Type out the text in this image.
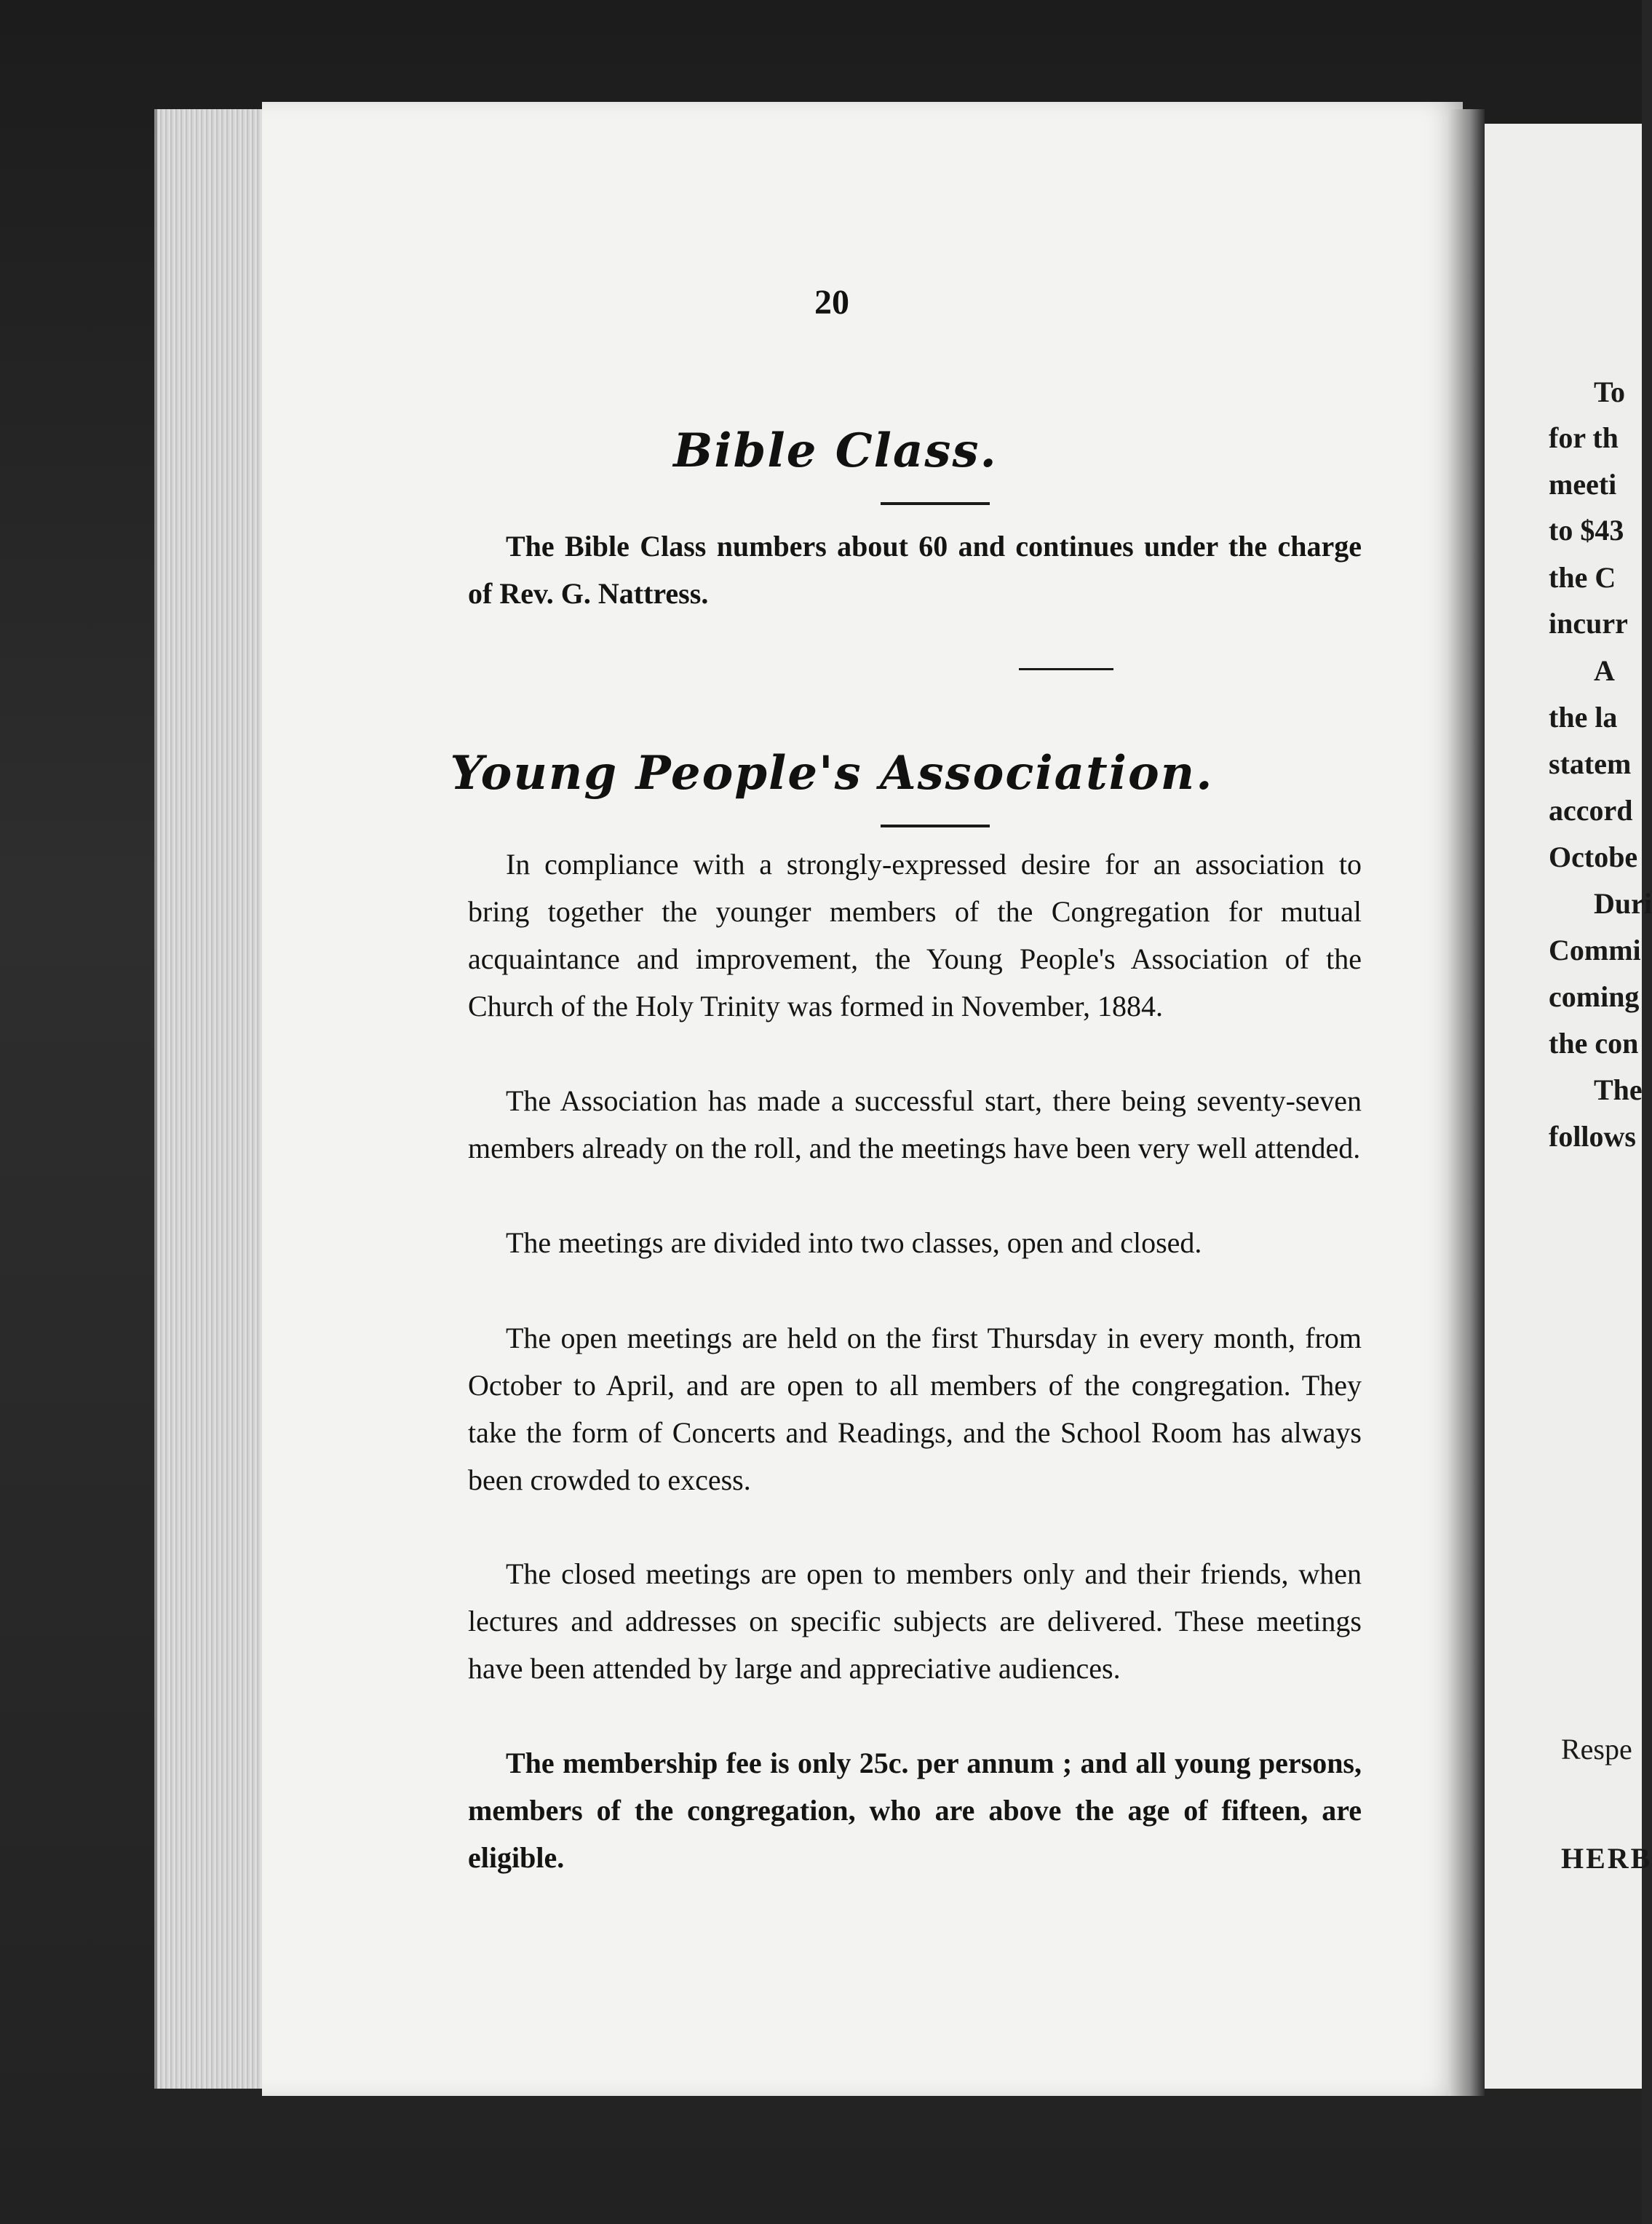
To
for th
meeti
to $43
the C
incurr
A
the la
statem
accord
Octobe
Duri
Commi
coming
the con
The
follows
Respe
HERB
20
Bible Class.
The Bible Class numbers about 60 and continues under the charge of Rev. G. Nattress.
Young People's Association.
In compliance with a strongly-expressed desire for an association to bring together the younger members of the Congregation for mutual acquaintance and improvement, the Young People's Association of the Church of the Holy Trinity was formed in November, 1884.
The Association has made a successful start, there being seventy-seven members already on the roll, and the meetings have been very well attended.
The meetings are divided into two classes, open and closed.
The open meetings are held on the first Thursday in every month, from October to April, and are open to all members of the congregation. They take the form of Concerts and Readings, and the School Room has always been crowded to excess.
The closed meetings are open to members only and their friends, when lectures and addresses on specific subjects are delivered. These meetings have been attended by large and appreciative audiences.
The membership fee is only 25c. per annum ; and all young persons, members of the congregation, who are above the age of fifteen, are eligible.
